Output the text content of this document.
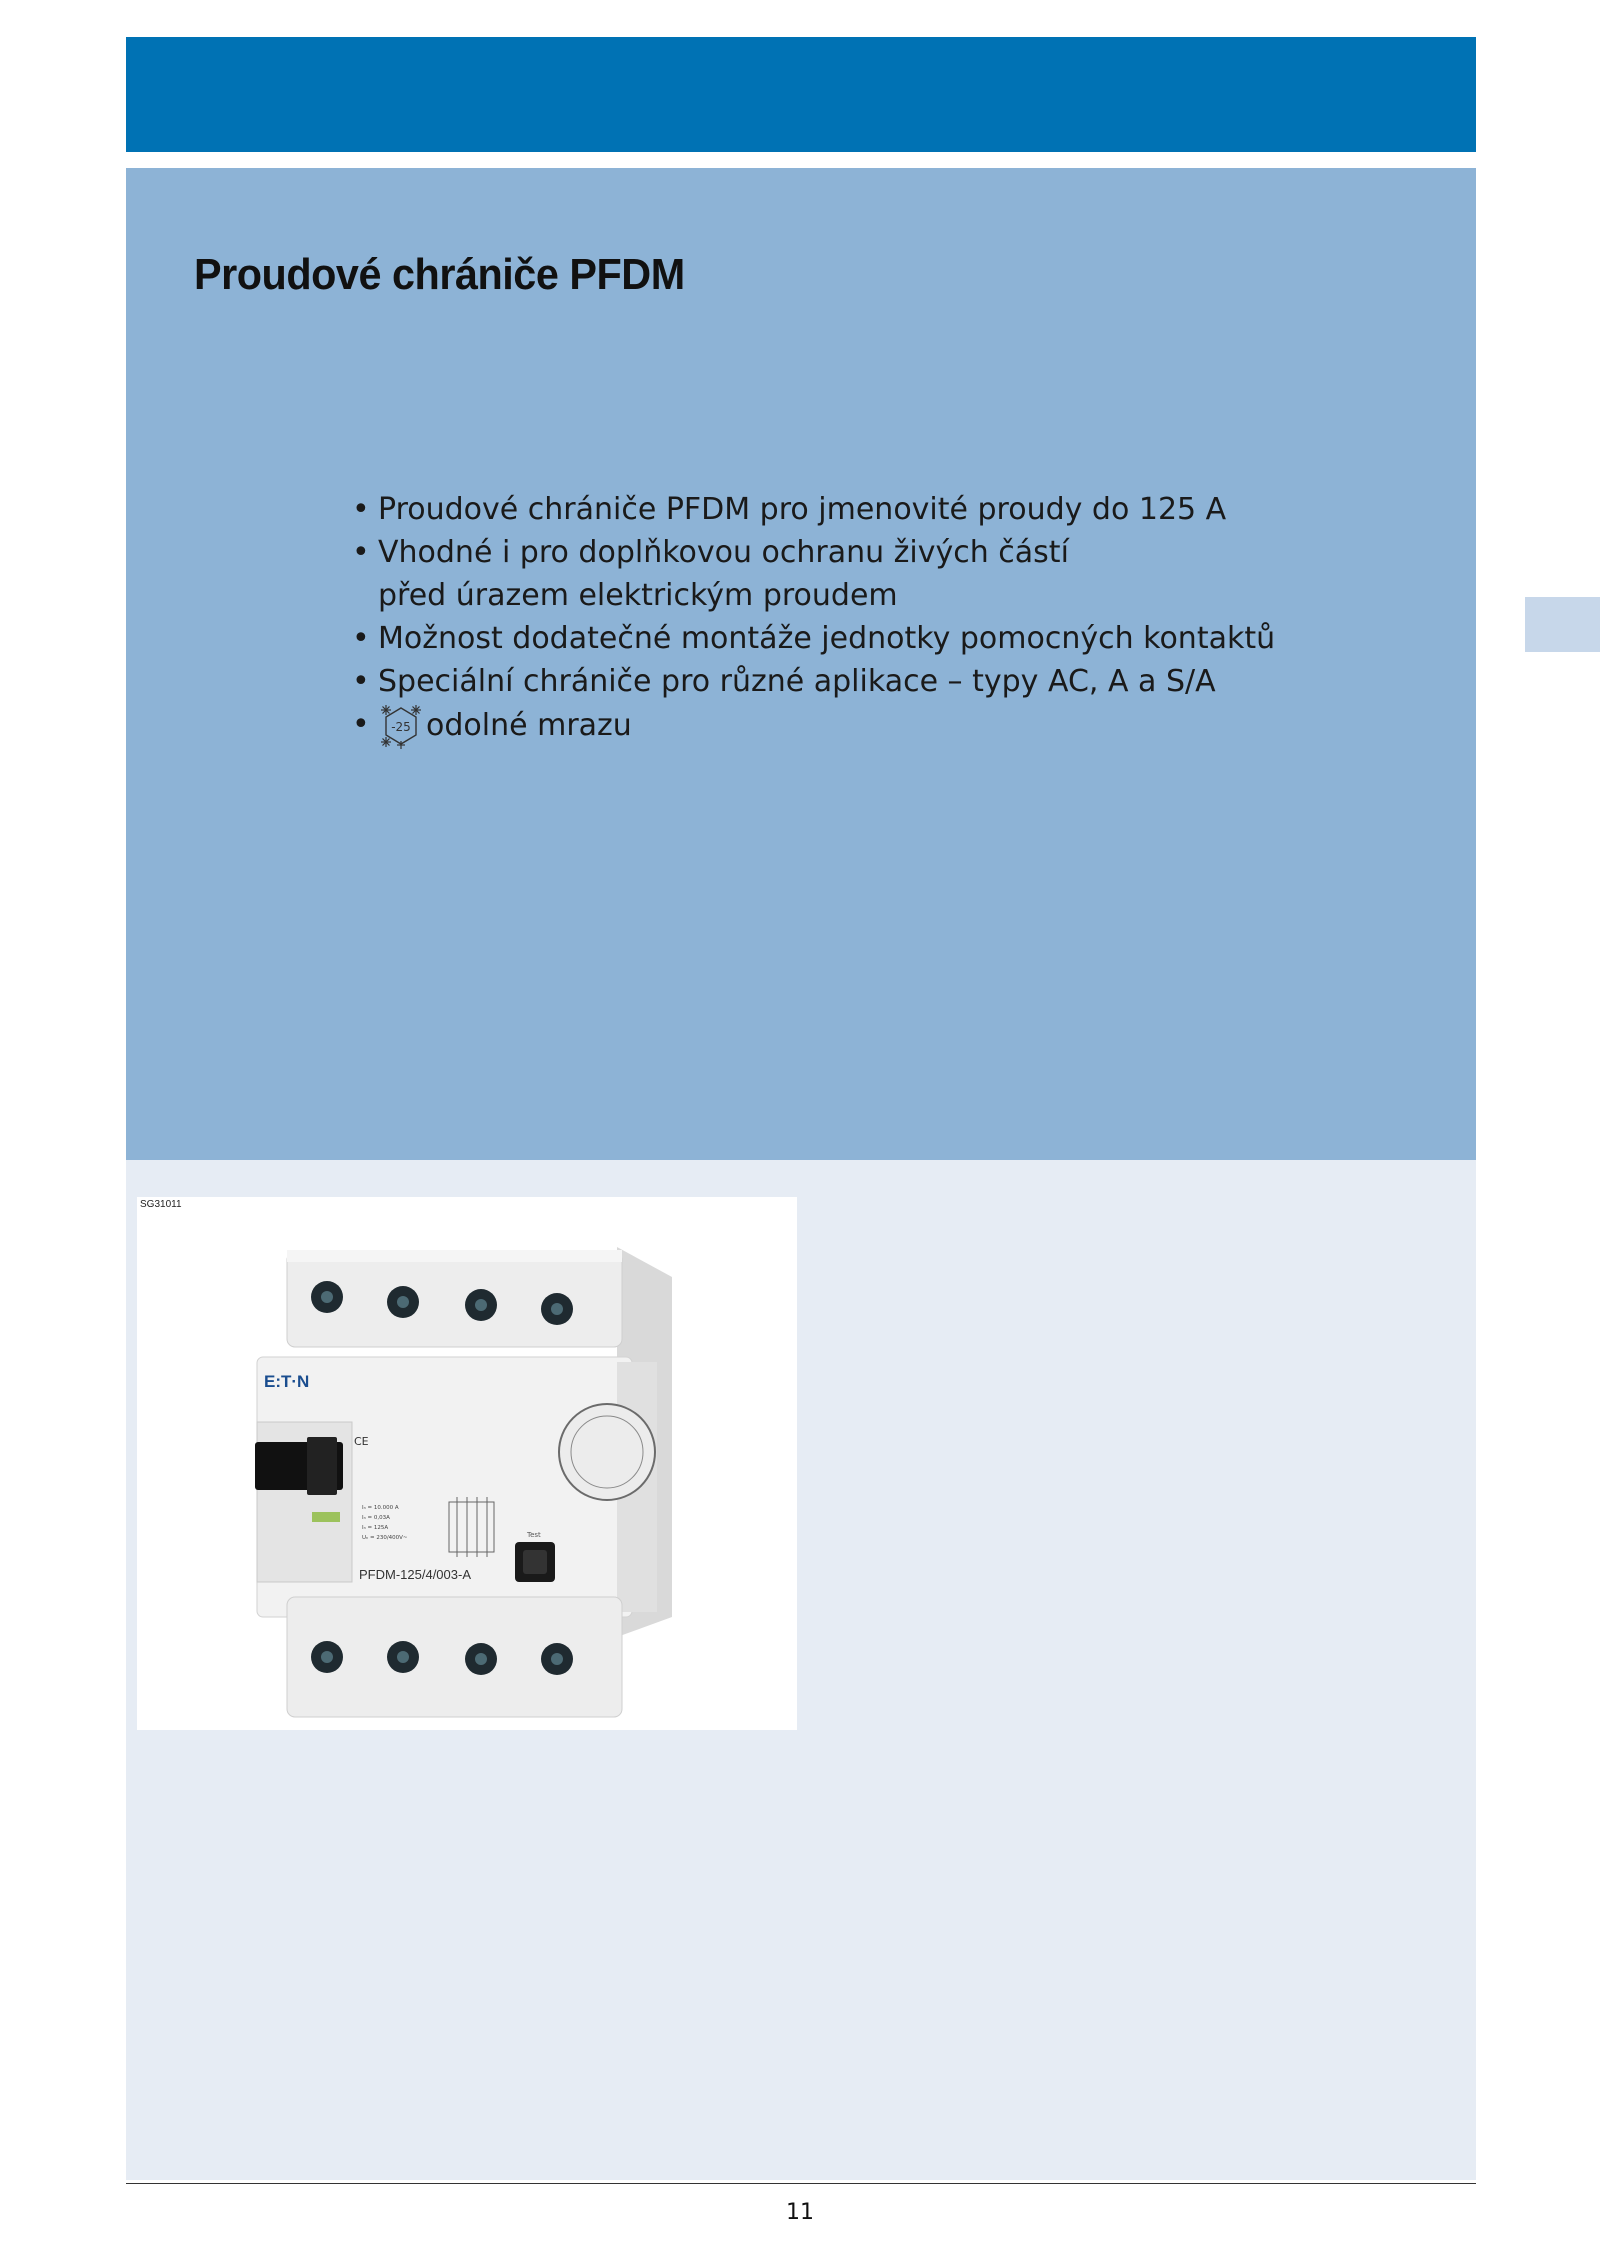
Proudové chrániče PFDM
• Proudové chrániče PFDM pro jmenovité proudy do 125 A
• Vhodné i pro doplňkovou ochranu živých částí před úrazem elektrickým proudem
• Možnost dodatečné montáže jednotky pomocných kontaktů
• Speciální chrániče pro různé aplikace – typy AC, A a S/A
• -25 odolné mrazu
SG31011
E:T·N
CE
Iₙ = 10.000 A
Iₙ = 0,03A
Iₙ = 125A
Uₙ = 230/400V~
PFDM-125/4/003-A
Test
11
